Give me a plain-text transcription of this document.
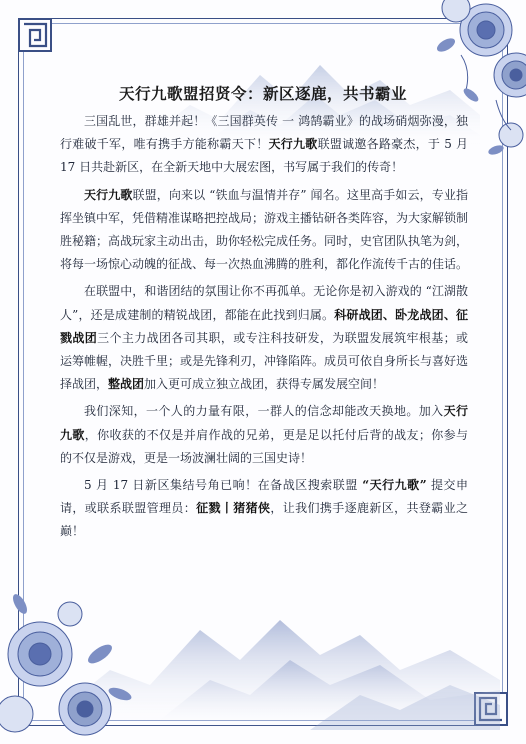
天行九歌盟招贤令：新区逐鹿，共书霸业

三国乱世，群雄并起！《三国群英传 一 鸿鹄霸业》的战场硝烟弥漫，独行难破千军，唯有携手方能称霸天下！天行九歌联盟诚邀各路豪杰，于 5 月 17 日共赴新区，在全新天地中大展宏图，书写属于我们的传奇！

天行九歌联盟，向来以 “铁血与温情并存” 闻名。这里高手如云，专业指挥坐镇中军，凭借精准谋略把控战局；游戏主播钻研各类阵容，为大家解锁制胜秘籍；高战玩家主动出击，助你轻松完成任务。同时，史官团队执笔为剑，将每一场惊心动魄的征战、每一次热血沸腾的胜利，都化作流传千古的佳话。

在联盟中，和谐团结的氛围让你不再孤单。无论你是初入游戏的 “江湖散人”，还是成建制的精锐战团，都能在此找到归属。科研战团、卧龙战团、征戮战团三个主力战团各司其职，或专注科技研发，为联盟发展筑牢根基；或运筹帷幄，决胜千里；或是先锋利刃，冲锋陷阵。成员可依自身所长与喜好选择战团，整战团加入更可成立独立战团，获得专属发展空间！

我们深知，一个人的力量有限，一群人的信念却能改天换地。加入天行九歌，你收获的不仅是并肩作战的兄弟，更是足以托付后背的战友；你参与的不仅是游戏，更是一场波澜壮阔的三国史诗！

5 月 17 日新区集结号角已响！在备战区搜索联盟 “天行九歌” 提交申请，或联系联盟管理员：征戮丨猪猪侠，让我们携手逐鹿新区，共登霸业之巅！
